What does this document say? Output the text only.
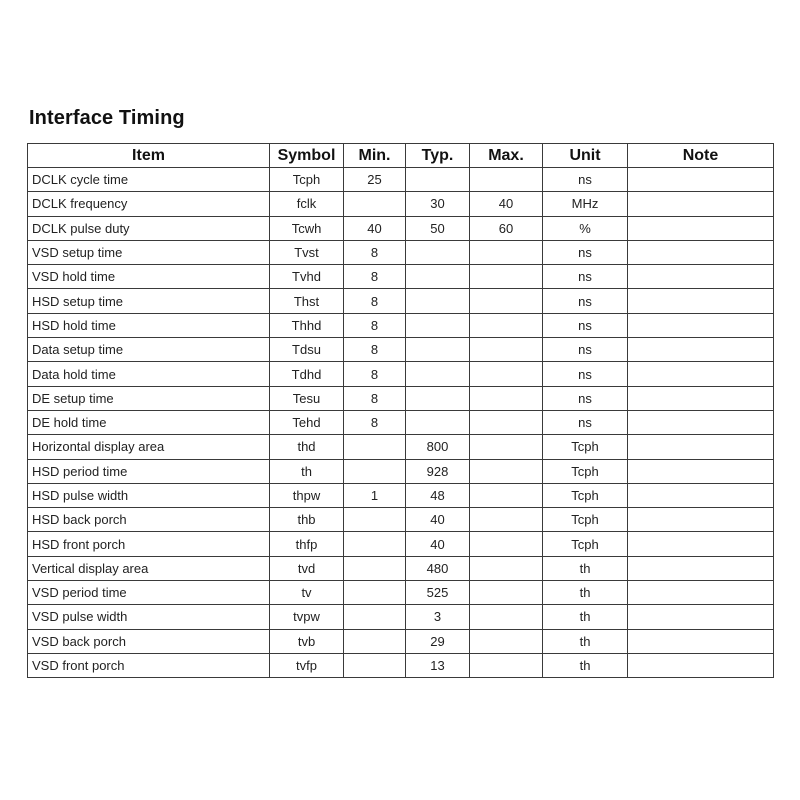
Interface Timing
Item	Symbol	Min.	Typ.	Max.	Unit	Note
DCLK cycle time	Tcph	25			ns	
DCLK frequency	fclk		30	40	MHz	
DCLK pulse duty	Tcwh	40	50	60	%	
VSD setup time	Tvst	8			ns	
VSD hold time	Tvhd	8			ns	
HSD setup time	Thst	8			ns	
HSD hold time	Thhd	8			ns	
Data setup time	Tdsu	8			ns	
Data hold time	Tdhd	8			ns	
DE setup time	Tesu	8			ns	
DE hold time	Tehd	8			ns	
Horizontal display area	thd		800		Tcph	
HSD period time	th		928		Tcph	
HSD pulse width	thpw	1	48		Tcph	
HSD back porch	thb		40		Tcph	
HSD front porch	thfp		40		Tcph	
Vertical display area	tvd		480		th	
VSD period time	tv		525		th	
VSD pulse width	tvpw		3		th	
VSD back porch	tvb		29		th	
VSD front porch	tvfp		13		th	
